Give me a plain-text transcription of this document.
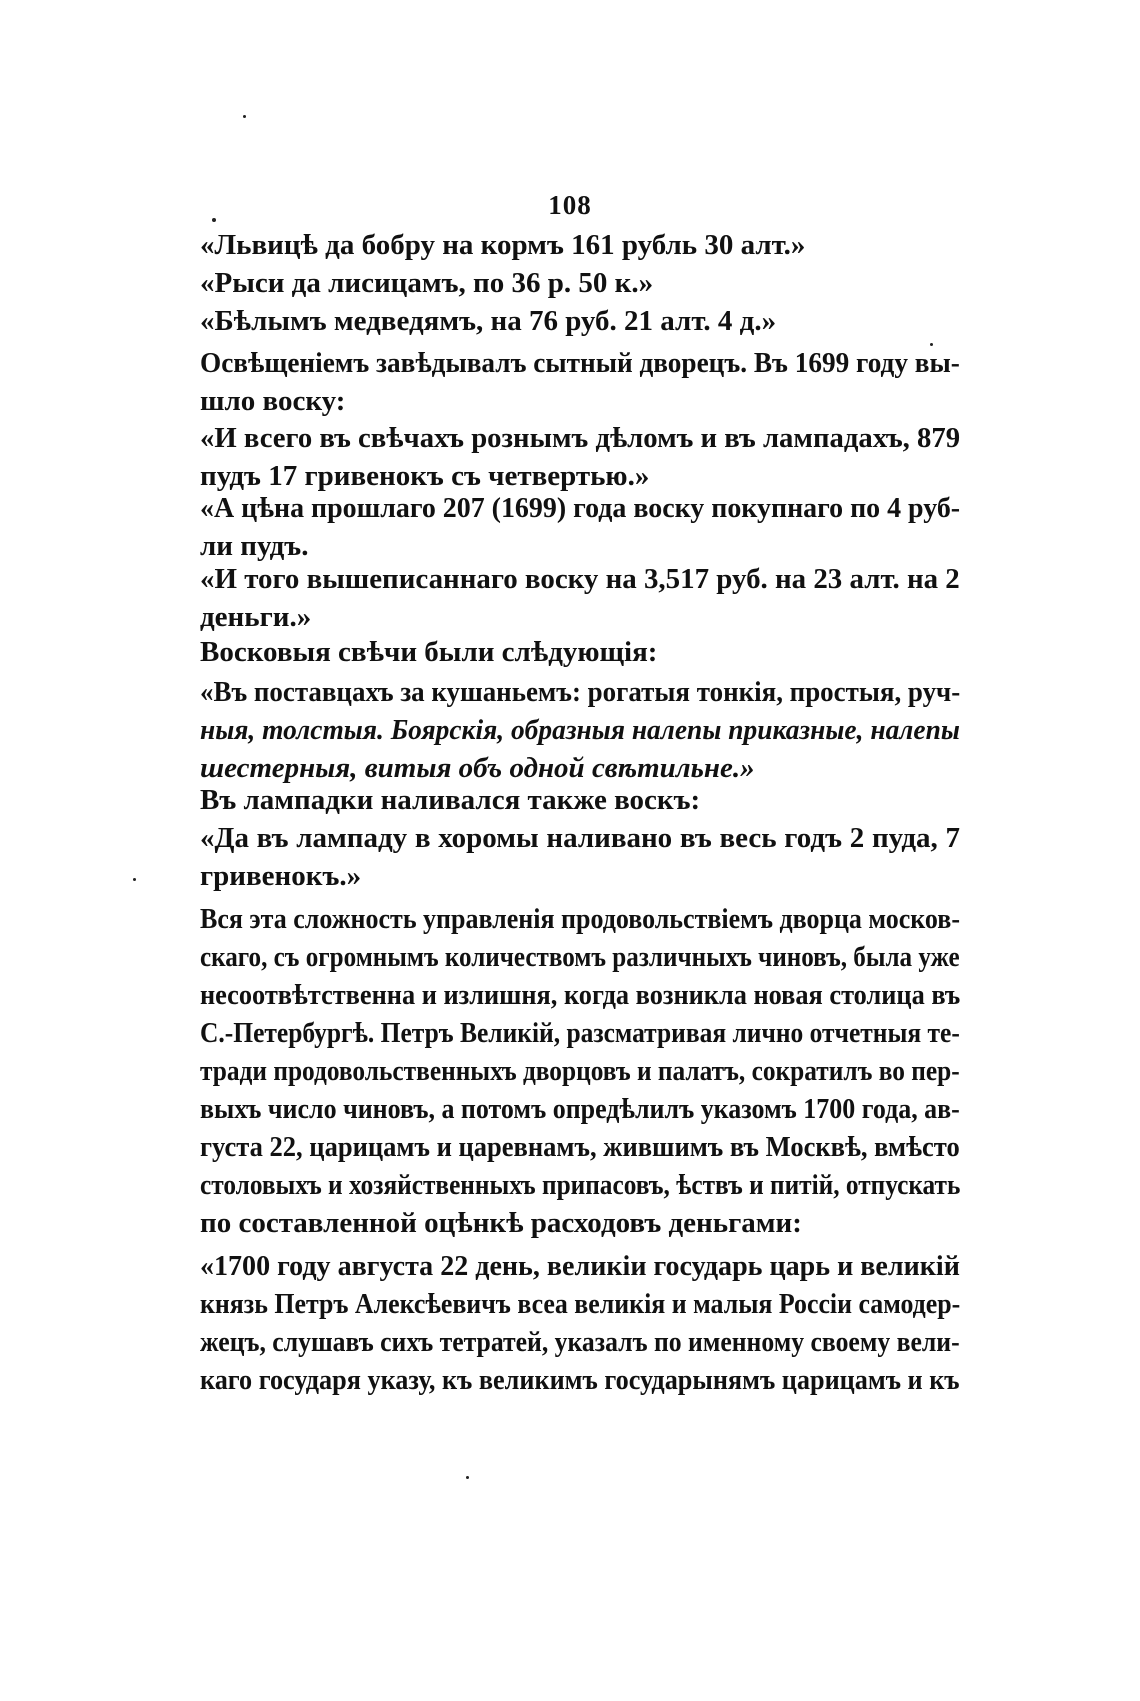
108
«Львицѣ да бобру на кормъ 161 рубль 30 алт.»
«Рыси да лисицамъ, по 36 р. 50 к.»
«Бѣлымъ медведямъ, на 76 руб. 21 алт. 4 д.»
Освѣщеніемъ завѣдывалъ сытный дворецъ. Въ 1699 году вы-
шло воску:
«И всего въ свѣчахъ рознымъ дѣломъ и въ лампадахъ, 879
пудъ 17 гривенокъ съ четвертью.»
«А цѣна прошлаго 207 (1699) года воску покупнаго по 4 руб-
ли пудъ.
«И того вышеписаннаго воску на 3,517 руб. на 23 алт. на 2
деньги.»
Восковыя свѣчи были слѣдующія:
«Въ поставцахъ за кушаньемъ: рогатыя тонкія, простыя, руч-
ныя, толстыя. Боярскія, образныя налепы приказные, налепы
шестерныя, витыя объ одной свѣтильне.»
Въ лампадки наливался также воскъ:
«Да въ лампаду в хоромы наливано въ весь годъ 2 пуда, 7
гривенокъ.»
Вся эта сложность управленія продовольствіемъ дворца москов-
скаго, съ огромнымъ количествомъ различныхъ чиновъ, была уже
несоотвѣтственна и излишня, когда возникла новая столица въ
С.-Петербургѣ. Петръ Великій, разсматривая лично отчетныя те-
тради продовольственныхъ дворцовъ и палатъ, сократилъ во пер-
выхъ число чиновъ, а потомъ опредѣлилъ указомъ 1700 года, ав-
густа 22, царицамъ и царевнамъ, жившимъ въ Москвѣ, вмѣсто
столовыхъ и хозяйственныхъ припасовъ, ѣствъ и питій, отпускать
по составленной оцѣнкѣ расходовъ деньгами:
«1700 году августа 22 день, великіи государь царь и великій
князь Петръ Алексѣевичъ всеа великія и малыя Россіи самодер-
жецъ, слушавъ сихъ тетратей, указалъ по именному своему вели-
каго государя указу, къ великимъ государынямъ царицамъ и къ
